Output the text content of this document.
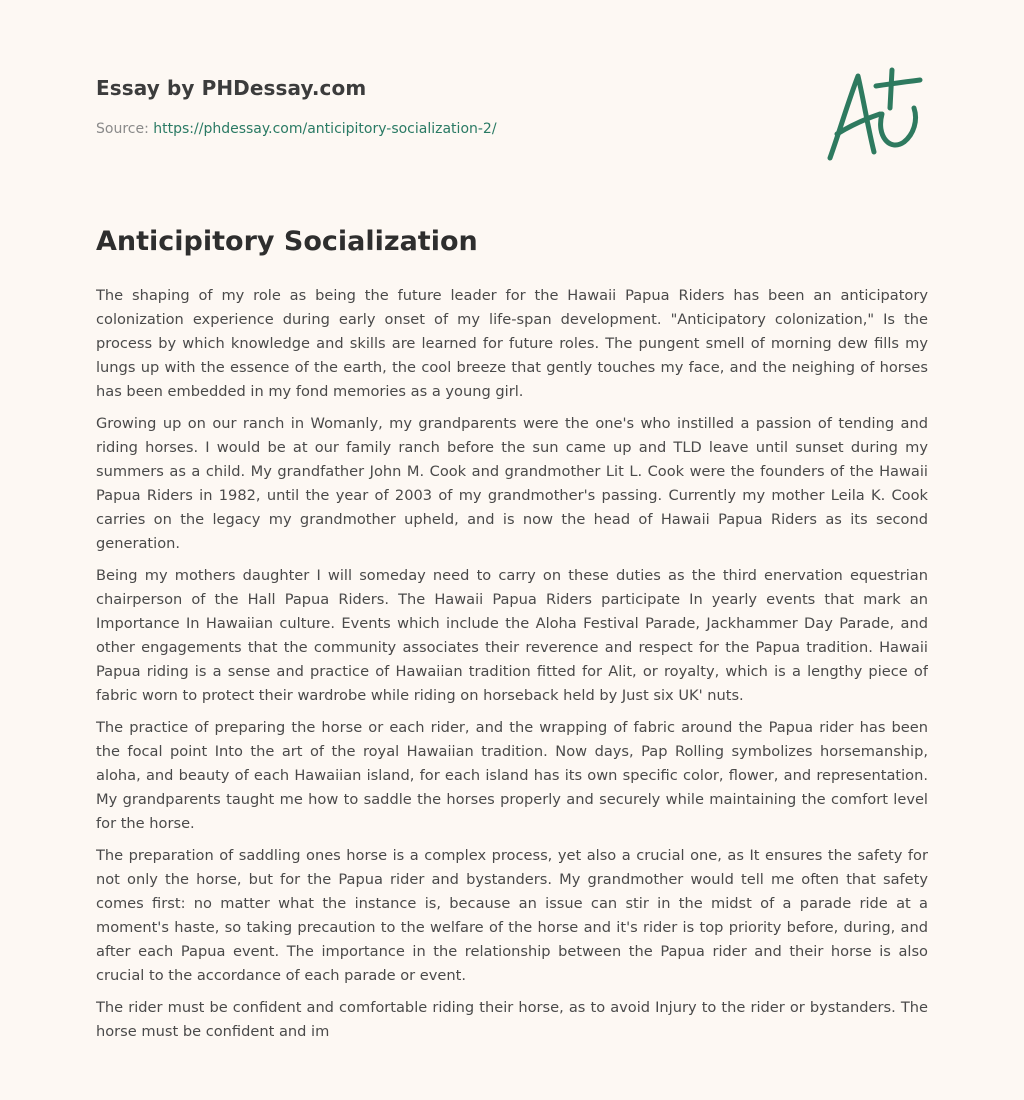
Essay by PHDessay.com
Source: https://phdessay.com/anticipitory-socialization-2/
Anticipitory Socialization

The shaping of my role as being the future leader for the Hawaii Papua Riders has been an anticipatory colonization experience during early onset of my life-span development. "Anticipatory colonization," Is the process by which knowledge and skills are learned for future roles. The pungent smell of morning dew fills my lungs up with the essence of the earth, the cool breeze that gently touches my face, and the neighing of horses has been embedded in my fond memories as a young girl.

Growing up on our ranch in Womanly, my grandparents were the one's who instilled a passion of tending and riding horses. I would be at our family ranch before the sun came up and TLD leave until sunset during my summers as a child. My grandfather John M. Cook and grandmother Lit L. Cook were the founders of the Hawaii Papua Riders in 1982, until the year of 2003 of my grandmother's passing. Currently my mother Leila K. Cook carries on the legacy my grandmother upheld, and is now the head of Hawaii Papua Riders as its second generation.

Being my mothers daughter I will someday need to carry on these duties as the third enervation equestrian chairperson of the Hall Papua Riders. The Hawaii Papua Riders participate In yearly events that mark an Importance In Hawaiian culture. Events which include the Aloha Festival Parade, Jackhammer Day Parade, and other engagements that the community associates their reverence and respect for the Papua tradition. Hawaii Papua riding is a sense and practice of Hawaiian tradition fitted for Alit, or royalty, which is a lengthy piece of fabric worn to protect their wardrobe while riding on horseback held by Just six UK' nuts.

The practice of preparing the horse or each rider, and the wrapping of fabric around the Papua rider has been the focal point Into the art of the royal Hawaiian tradition. Now days, Pap Rolling symbolizes horsemanship, aloha, and beauty of each Hawaiian island, for each island has its own specific color, flower, and representation. My grandparents taught me how to saddle the horses properly and securely while maintaining the comfort level for the horse.

The preparation of saddling ones horse is a complex process, yet also a crucial one, as It ensures the safety for not only the horse, but for the Papua rider and bystanders. My grandmother would tell me often that safety comes first: no matter what the instance is, because an issue can stir in the midst of a parade ride at a moment's haste, so taking precaution to the welfare of the horse and it's rider is top priority before, during, and after each Papua event. The importance in the relationship between the Papua rider and their horse is also crucial to the accordance of each parade or event.

The rider must be confident and comfortable riding their horse, as to avoid Injury to the rider or bystanders. The horse must be confident and im
